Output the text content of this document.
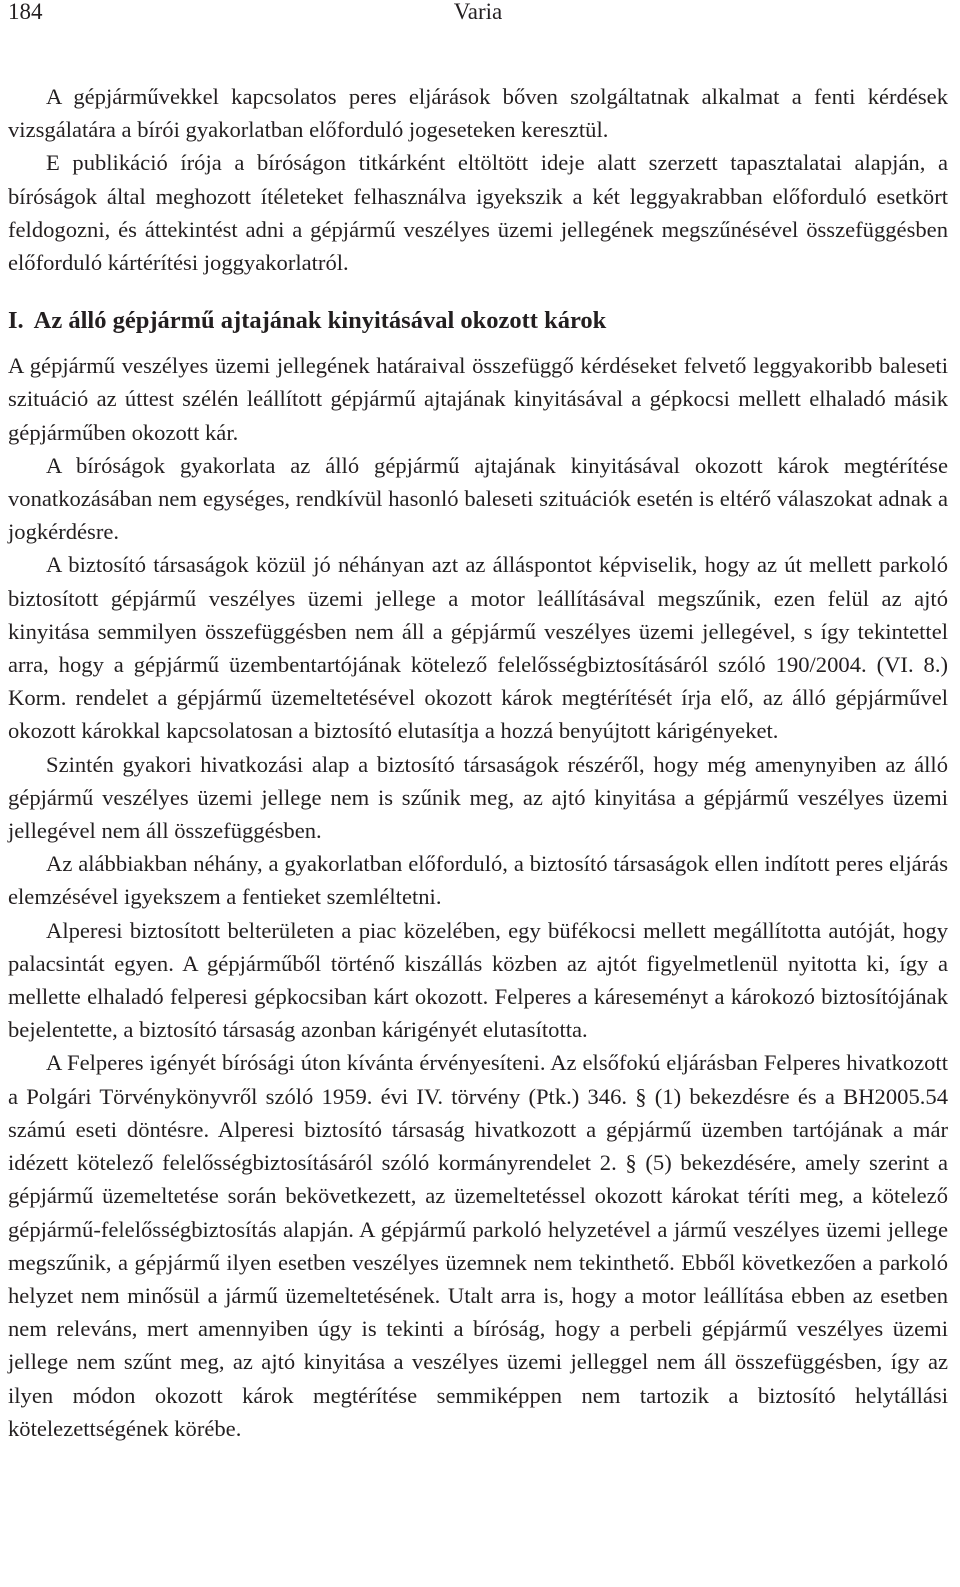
184	Varia

A gépjárművekkel kapcsolatos peres eljárások bőven szolgáltatnak alkalmat a fenti kérdések vizsgálatára a bírói gyakorlatban előforduló jogeseteken keresztül.

E publikáció írója a bíróságon titkárként eltöltött ideje alatt szerzett tapasztalatai alapján, a bíróságok által meghozott ítéleteket felhasználva igyekszik a két leggyakrabban előforduló esetkört feldogozni, és áttekintést adni a gépjármű veszélyes üzemi jellegének megszűnésével összefüggésben előforduló kártérítési joggyakorlatról.

I. Az álló gépjármű ajtajának kinyitásával okozott károk

A gépjármű veszélyes üzemi jellegének határaival összefüggő kérdéseket felvető leggyakoribb baleseti szituáció az úttest szélén leállított gépjármű ajtajának kinyitásával a gépkocsi mellett elhaladó másik gépjárműben okozott kár.

A bíróságok gyakorlata az álló gépjármű ajtajának kinyitásával okozott károk megtérítése vonatkozásában nem egységes, rendkívül hasonló baleseti szituációk esetén is eltérő válaszokat adnak a jogkérdésre.

A biztosító társaságok közül jó néhányan azt az álláspontot képviselik, hogy az út mellett parkoló biztosított gépjármű veszélyes üzemi jellege a motor leállításával megszűnik, ezen felül az ajtó kinyitása semmilyen összefüggésben nem áll a gépjármű veszélyes üzemi jellegével, s így tekintettel arra, hogy a gépjármű üzembentartójának kötelező felelősségbiztosításáról szóló 190/2004. (VI. 8.) Korm. rendelet a gépjármű üzemeltetésével okozott károk megtérítését írja elő, az álló gépjárművel okozott károkkal kapcsolatosan a biztosító elutasítja a hozzá benyújtott kárigényeket.

Szintén gyakori hivatkozási alap a biztosító társaságok részéről, hogy még amenynyiben az álló gépjármű veszélyes üzemi jellege nem is szűnik meg, az ajtó kinyitása a gépjármű veszélyes üzemi jellegével nem áll összefüggésben.

Az alábbiakban néhány, a gyakorlatban előforduló, a biztosító társaságok ellen indított peres eljárás elemzésével igyekszem a fentieket szemléltetni.

Alperesi biztosított belterületen a piac közelében, egy büfékocsi mellett megállította autóját, hogy palacsintát egyen. A gépjárműből történő kiszállás közben az ajtót figyelmetlenül nyitotta ki, így a mellette elhaladó felperesi gépkocsiban kárt okozott. Felperes a káreseményt a károkozó biztosítójának bejelentette, a biztosító társaság azonban kárigényét elutasította.

A Felperes igényét bírósági úton kívánta érvényesíteni. Az elsőfokú eljárásban Felperes hivatkozott a Polgári Törvénykönyvről szóló 1959. évi IV. törvény (Ptk.) 346. § (1) bekezdésre és a BH2005.54 számú eseti döntésre. Alperesi biztosító társaság hivatkozott a gépjármű üzemben tartójának a már idézett kötelező felelősségbiztosításáról szóló kormányrendelet 2. § (5) bekezdésére, amely szerint a gépjármű üzemeltetése során bekövetkezett, az üzemeltetéssel okozott károkat téríti meg, a kötelező gépjármű-felelősségbiztosítás alapján. A gépjármű parkoló helyzetével a jármű veszélyes üzemi jellege megszűnik, a gépjármű ilyen esetben veszélyes üzemnek nem tekinthető. Ebből következően a parkoló helyzet nem minősül a jármű üzemeltetésének. Utalt arra is, hogy a motor leállítása ebben az esetben nem releváns, mert amennyiben úgy is tekinti a bíróság, hogy a perbeli gépjármű veszélyes üzemi jellege nem szűnt meg, az ajtó kinyitása a veszélyes üzemi jelleggel nem áll összefüggésben, így az ilyen módon okozott károk megtérítése semmiképpen nem tartozik a biztosító helytállási kötelezettségének körébe.
